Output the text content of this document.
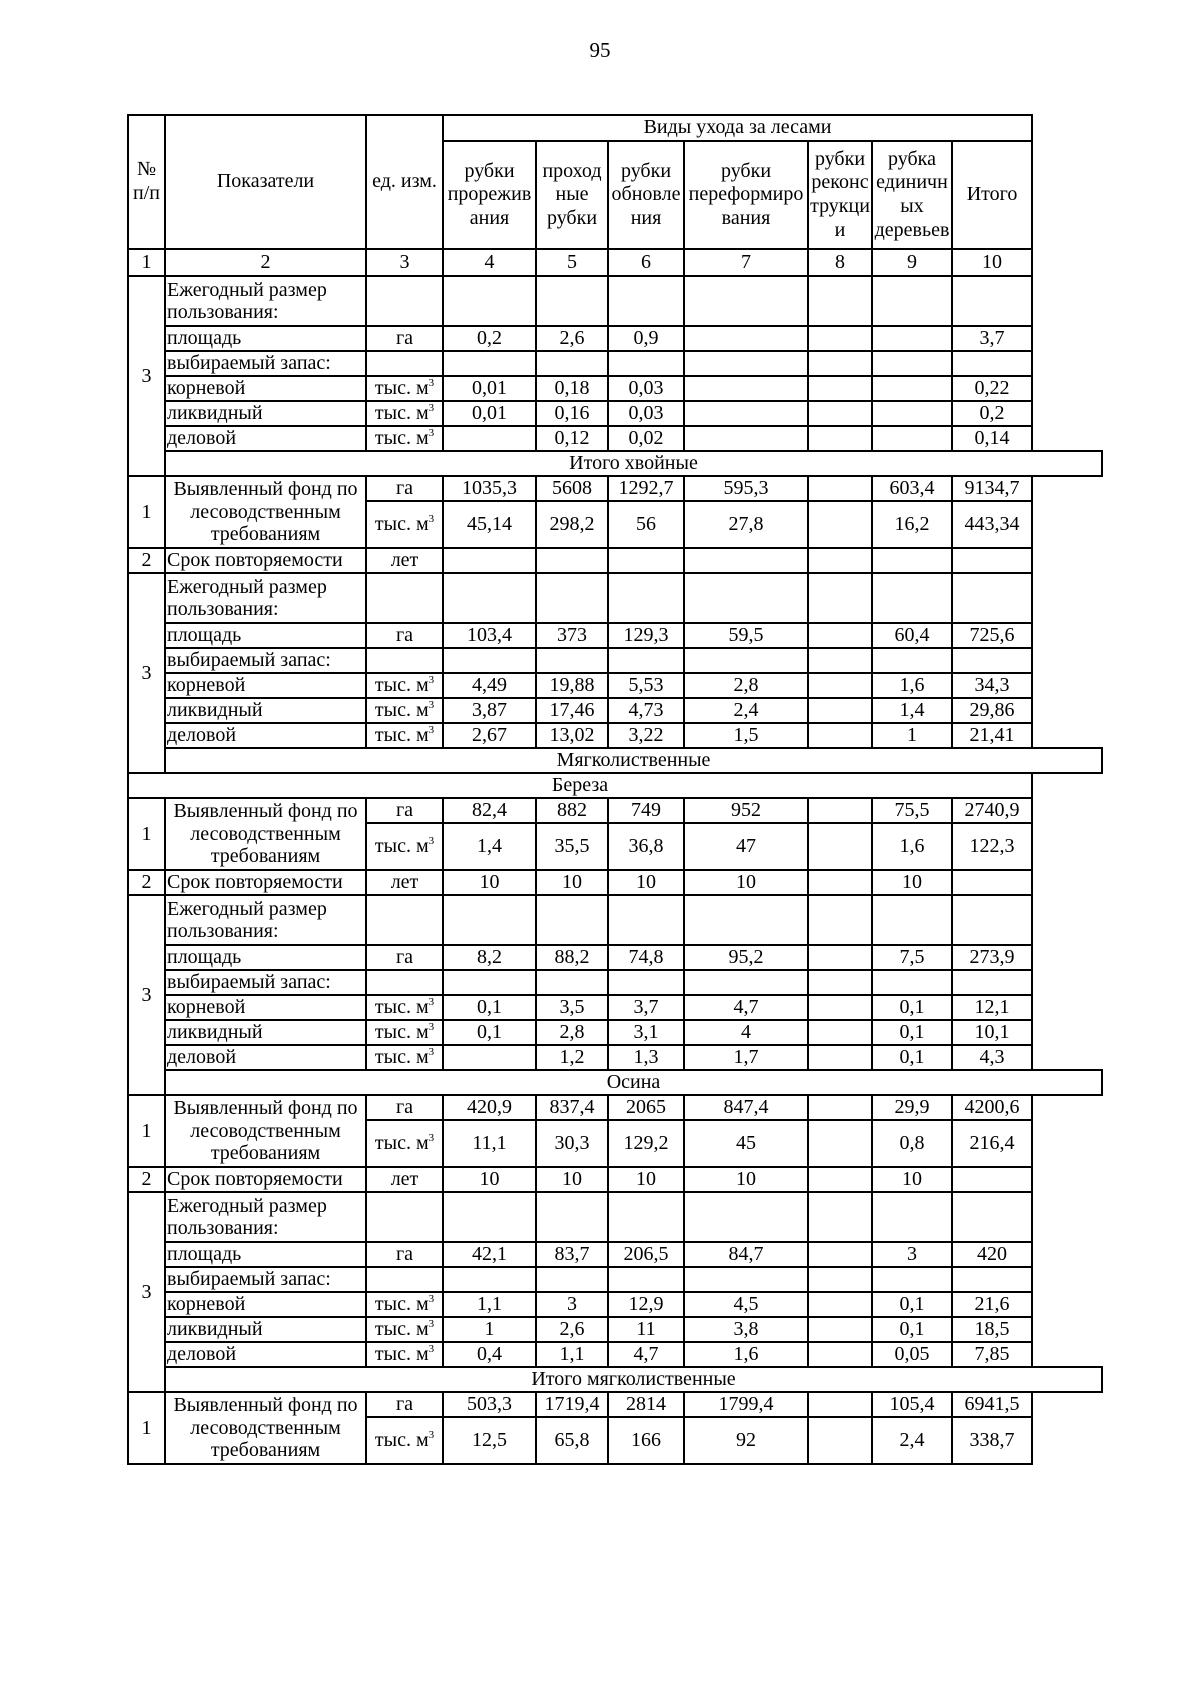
95
№
п/п	Показатели	ед. изм.	Виды ухода за лесами						
			рубки
прорежив
ания	проход
ные
рубки	рубки
обновле
ния	рубки
переформиро
вания	рубки
реконс
трукци
и	рубка
единичн
ых
деревьев	Итого
1	2	3	4	5	6	7	8	9	10
3	Ежегодный размер
пользования:								
	площадь	га	0,2	2,6	0,9				3,7
	выбираемый запас:								
	корневой	тыс. $м^3$	0,01	0,18	0,03				0,22
	ликвидный	тыс. $м^3$	0,01	0,16	0,03				0,2
	деловой	тыс. $м^3$		0,12	0,02				0,14
	Итого хвойные								
1	Выявленный фонд по
лесоводственным
требованиям	га	1035,3	5608	1292,7	595,3		603,4	9134,7
		тыс. $м^3$	45,14	298,2	56	27,8		16,2	443,34
2	Срок повторяемости	лет							
3	Ежегодный размер
пользования:								
	площадь	га	103,4	373	129,3	59,5		60,4	725,6
	выбираемый запас:								
	корневой	тыс. $м^3$	4,49	19,88	5,53	2,8		1,6	34,3
	ликвидный	тыс. $м^3$	3,87	17,46	4,73	2,4		1,4	29,86
	деловой	тыс. $м^3$	2,67	13,02	3,22	1,5		1	21,41
	Мягколиственные								
Береза									
1	Выявленный фонд по
лесоводственным
требованиям	га	82,4	882	749	952		75,5	2740,9
		тыс. $м^3$	1,4	35,5	36,8	47		1,6	122,3
2	Срок повторяемости	лет	10	10	10	10		10	
3	Ежегодный размер
пользования:								
	площадь	га	8,2	88,2	74,8	95,2		7,5	273,9
	выбираемый запас:								
	корневой	тыс. $м^3$	0,1	3,5	3,7	4,7		0,1	12,1
	ликвидный	тыс. $м^3$	0,1	2,8	3,1	4		0,1	10,1
	деловой	тыс. $м^3$		1,2	1,3	1,7		0,1	4,3
	Осина								
1	Выявленный фонд по
лесоводственным
требованиям	га	420,9	837,4	2065	847,4		29,9	4200,6
		тыс. $м^3$	11,1	30,3	129,2	45		0,8	216,4
2	Срок повторяемости	лет	10	10	10	10		10	
3	Ежегодный размер
пользования:								
	площадь	га	42,1	83,7	206,5	84,7		3	420
	выбираемый запас:								
	корневой	тыс. $м^3$	1,1	3	12,9	4,5		0,1	21,6
	ликвидный	тыс. $м^3$	1	2,6	11	3,8		0,1	18,5
	деловой	тыс. $м^3$	0,4	1,1	4,7	1,6		0,05	7,85
	Итого мягколиственные								
1	Выявленный фонд по
лесоводственным
требованиям	га	503,3	1719,4	2814	1799,4		105,4	6941,5
		тыс. $м^3$	12,5	65,8	166	92		2,4	338,7
